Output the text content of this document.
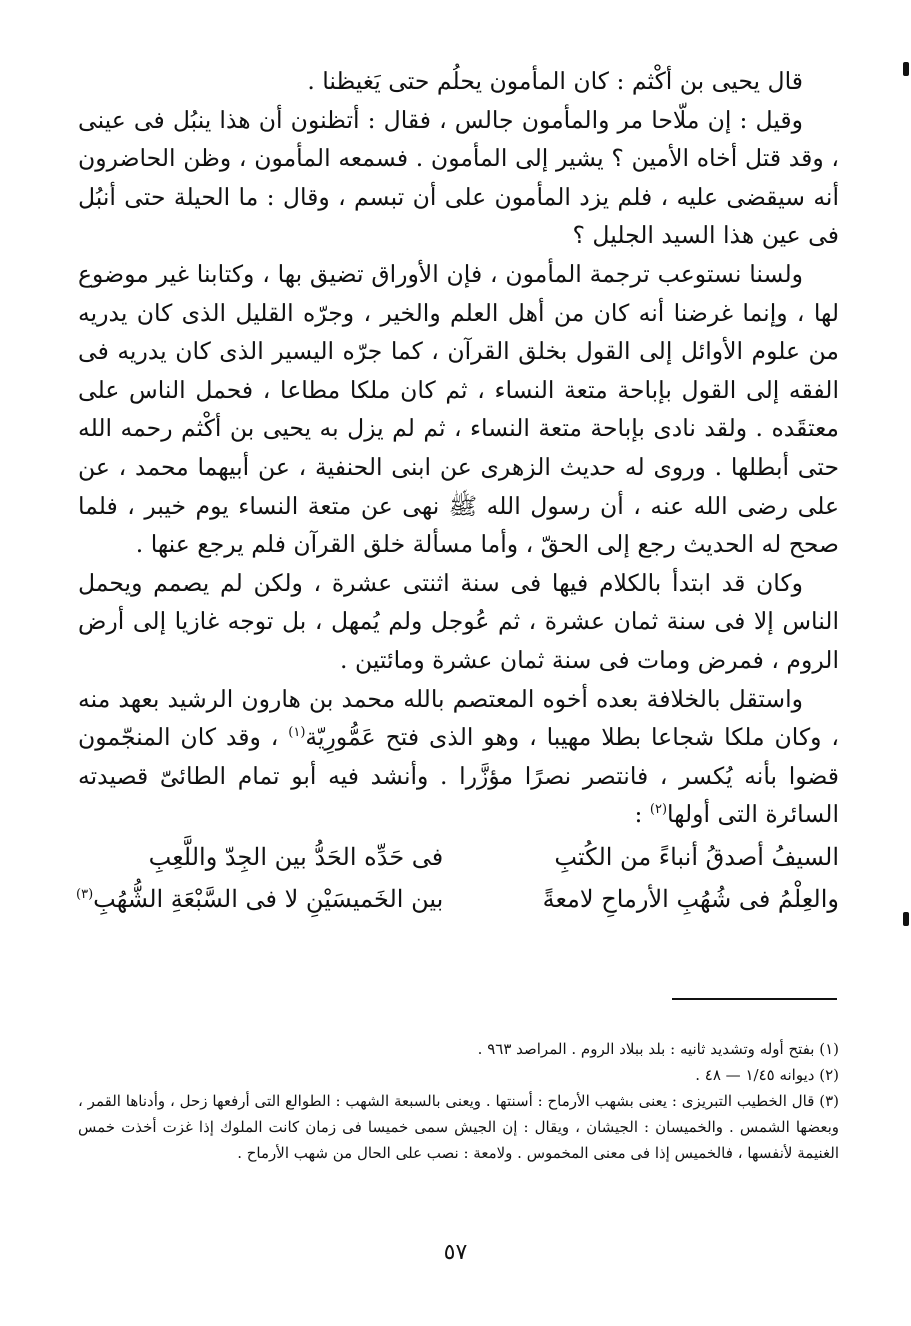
قال يحيى بن أكْثم : كان المأمون يحلُم حتى يَغيظنا .

وقيل : إن ملّاحا مر والمأمون جالس ، فقال : أتظنون أن هذا ينبُل فى عينى ، وقد قتل أخاه الأمين ؟ يشير إلى المأمون . فسمعه المأمون ، وظن الحاضرون أنه سيقضى عليه ، فلم يزد المأمون على أن تبسم ، وقال : ما الحيلة حتى أنبُل فى عين هذا السيد الجليل ؟

ولسنا نستوعب ترجمة المأمون ، فإن الأوراق تضيق بها ، وكتابنا غير موضوع لها ، وإنما غرضنا أنه كان من أهل العلم والخير ، وجرّه القليل الذى كان يدريه من علوم الأوائل إلى القول بخلق القرآن ، كما جرّه اليسير الذى كان يدريه فى الفقه إلى القول بإباحة متعة النساء ، ثم كان ملكا مطاعا ، فحمل الناس على معتقَده . ولقد نادى بإباحة متعة النساء ، ثم لم يزل به يحيى بن أكْثم رحمه الله حتى أبطلها . وروى له حديث الزهرى عن ابنى الحنفية ، عن أبيهما محمد ، عن على رضى الله عنه ، أن رسول الله ﷺ نهى عن متعة النساء يوم خيبر ، فلما صحح له الحديث رجع إلى الحقّ ، وأما مسألة خلق القرآن فلم يرجع عنها .

وكان قد ابتدأ بالكلام فيها فى سنة اثنتى عشرة ، ولكن لم يصمم ويحمل الناس إلا فى سنة ثمان عشرة ، ثم عُوجل ولم يُمهل ، بل توجه غازيا إلى أرض الروم ، فمرض ومات فى سنة ثمان عشرة ومائتين .

واستقل بالخلافة بعده أخوه المعتصم بالله محمد بن هارون الرشيد بعهد منه ، وكان ملكا شجاعا بطلا مهيبا ، وهو الذى فتح عَمُّورِيّة$^{(١)}$ ، وقد كان المنجّمون قضوا بأنه يُكسر ، فانتصر نصرًا مؤزَّرا . وأنشد فيه أبو تمام الطائىّ قصيدته السائرة التى أولها$^{(٢)}$ :

السيفُ أصدقُ أنباءً من الكُتبِ
فى حَدِّه الحَدُّ بين الجِدّ واللَّعِبِ
والعِلْمُ فى شُهُبِ الأرماحِ لامعةً
بين الخَميسَيْنِ لا فى السَّبْعَةِ الشُّهُبِ$^{(٣)}$

(١) بفتح أوله وتشديد ثانيه : بلد ببلاد الروم . المراصد ٩٦٣ .

(٢) ديوانه ١/٤٥ — ٤٨ .

(٣) قال الخطيب التبريزى : يعنى بشهب الأرماح : أسنتها . ويعنى بالسبعة الشهب : الطوالع التى أرفعها زحل ، وأدناها القمر ، وبعضها الشمس . والخميسان : الجيشان ، ويقال : إن الجيش سمى خميسا فى زمان كانت الملوك إذا غزت أخذت خمس الغنيمة لأنفسها ، فالخميس إذا فى معنى المخموس . ولامعة : نصب على الحال من شهب الأرماح .

٥٧
